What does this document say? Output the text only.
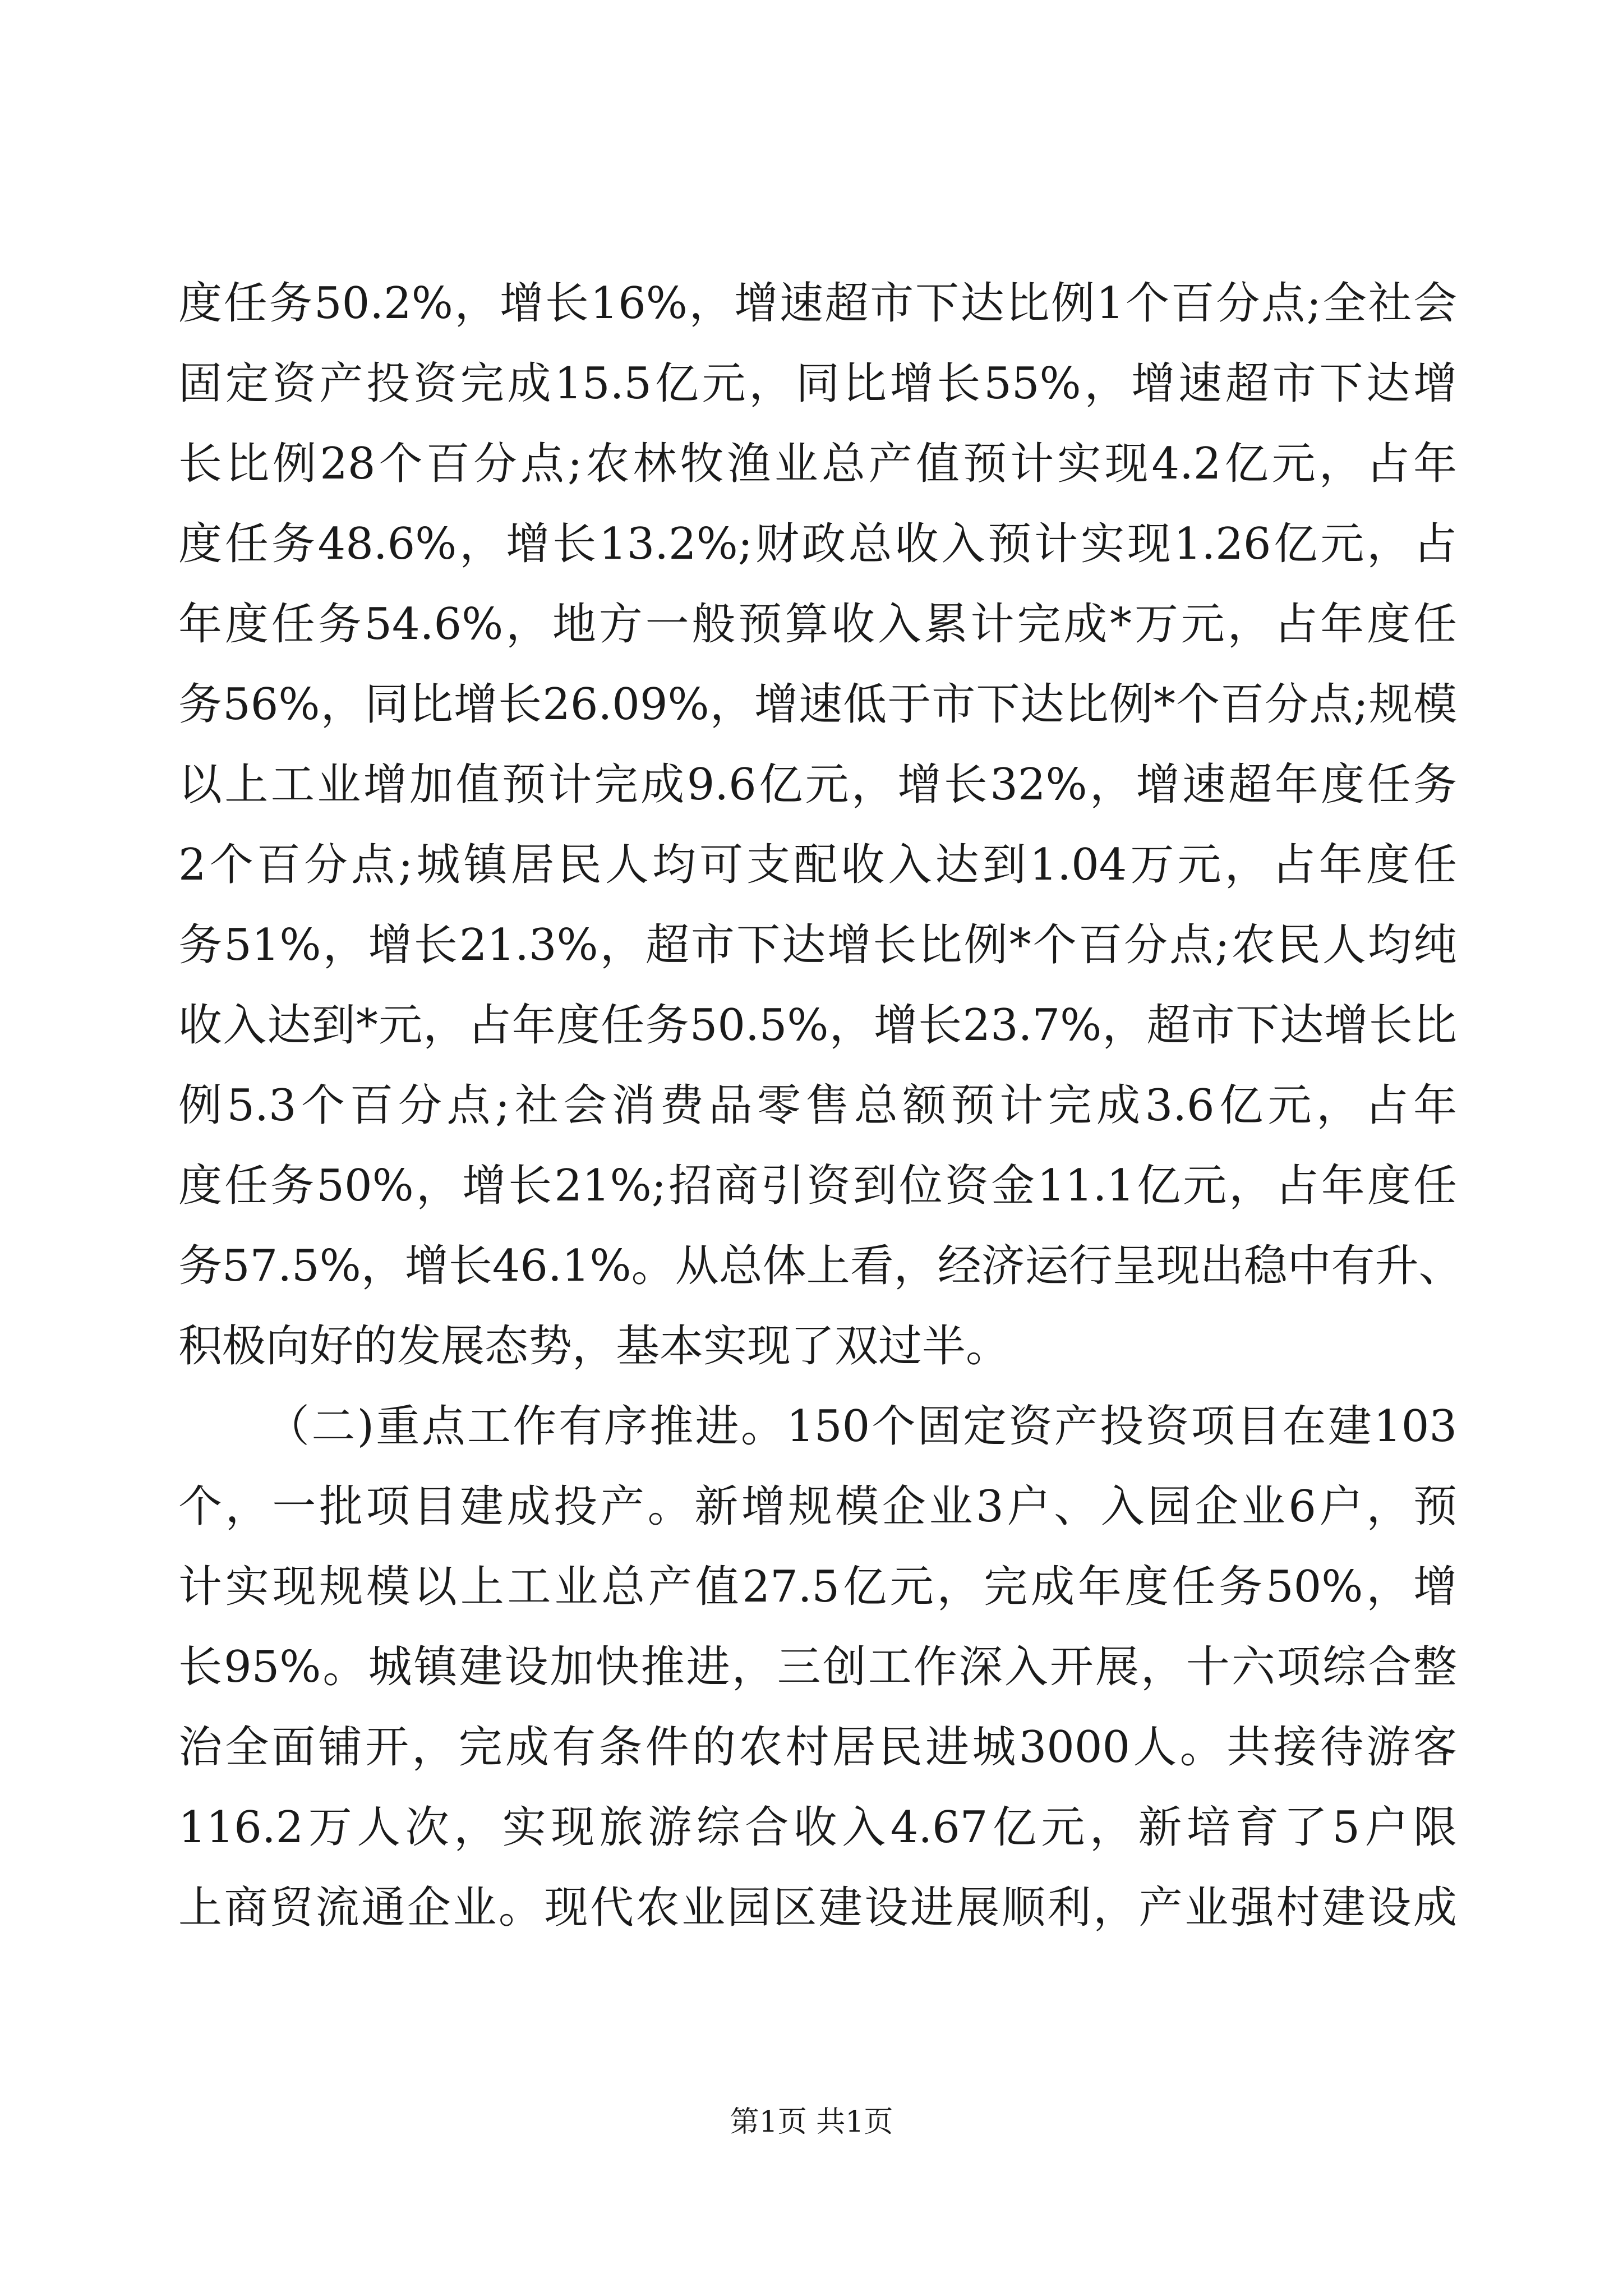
度任务50.2%，增长16%，增速超市下达比例1个百分点;全社会
固定资产投资完成15.5亿元，同比增长55%，增速超市下达增
长比例28个百分点;农林牧渔业总产值预计实现4.2亿元，占年
度任务48.6%，增长13.2%;财政总收入预计实现1.26亿元，占
年度任务54.6%，地方一般预算收入累计完成*万元，占年度任
务56%，同比增长26.09%，增速低于市下达比例*个百分点;规模
以上工业增加值预计完成9.6亿元，增长32%，增速超年度任务
2个百分点;城镇居民人均可支配收入达到1.04万元，占年度任
务51%，增长21.3%，超市下达增长比例*个百分点;农民人均纯
收入达到*元，占年度任务50.5%，增长23.7%，超市下达增长比
例5.3个百分点;社会消费品零售总额预计完成3.6亿元，占年
度任务50%，增长21%;招商引资到位资金11.1亿元，占年度任
务57.5%，增长46.1%。从总体上看，经济运行呈现出稳中有升、
积极向好的发展态势，基本实现了双过半。
（二)重点工作有序推进。150个固定资产投资项目在建103
个，一批项目建成投产。新增规模企业3户、入园企业6户，预
计实现规模以上工业总产值27.5亿元，完成年度任务50%，增
长95%。城镇建设加快推进，三创工作深入开展，十六项综合整
治全面铺开，完成有条件的农村居民进城3000人。共接待游客
116.2万人次，实现旅游综合收入4.67亿元，新培育了5户限
上商贸流通企业。现代农业园区建设进展顺利，产业强村建设成
第1页 共1页
